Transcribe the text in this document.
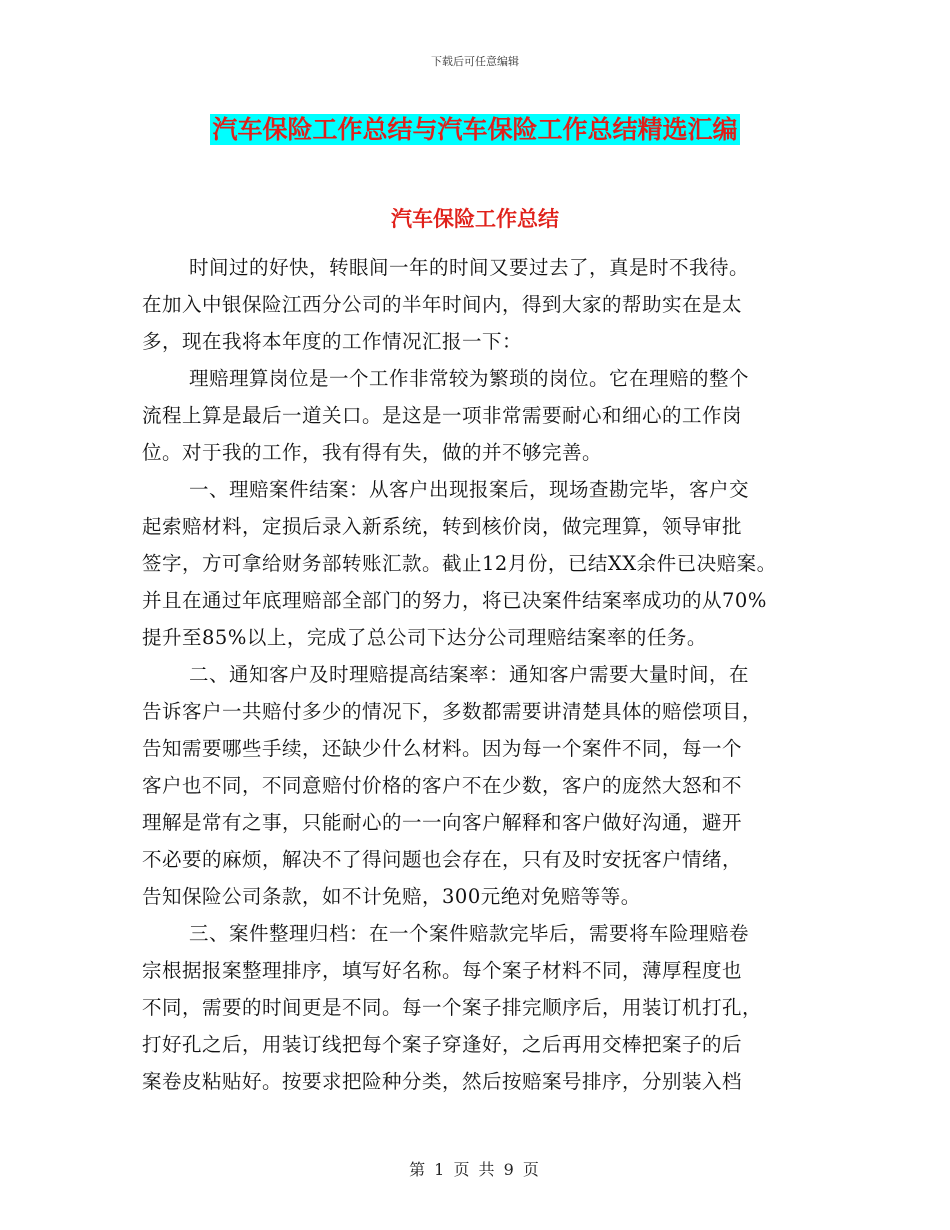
下载后可任意编辑
汽车保险工作总结与汽车保险工作总结精选汇编
汽车保险工作总结
时间过的好快，转眼间一年的时间又要过去了，真是时不我待。
在加入中银保险江西分公司的半年时间内，得到大家的帮助实在是太
多，现在我将本年度的工作情况汇报一下：
理赔理算岗位是一个工作非常较为繁琐的岗位。它在理赔的整个
流程上算是最后一道关口。是这是一项非常需要耐心和细心的工作岗
位。对于我的工作，我有得有失，做的并不够完善。
一、理赔案件结案：从客户出现报案后，现场查勘完毕，客户交
起索赔材料，定损后录入新系统，转到核价岗，做完理算，领导审批
签字，方可拿给财务部转账汇款。截止12月份，已结XX余件已决赔案。
并且在通过年底理赔部全部门的努力，将已决案件结案率成功的从70%
提升至85%以上，完成了总公司下达分公司理赔结案率的任务。
二、通知客户及时理赔提高结案率：通知客户需要大量时间，在
告诉客户一共赔付多少的情况下，多数都需要讲清楚具体的赔偿项目，
告知需要哪些手续，还缺少什么材料。因为每一个案件不同，每一个
客户也不同，不同意赔付价格的客户不在少数，客户的庞然大怒和不
理解是常有之事，只能耐心的一一向客户解释和客户做好沟通，避开
不必要的麻烦，解决不了得问题也会存在，只有及时安抚客户情绪，
告知保险公司条款，如不计免赔，300元绝对免赔等等。
三、案件整理归档：在一个案件赔款完毕后，需要将车险理赔卷
宗根据报案整理排序，填写好名称。每个案子材料不同，薄厚程度也
不同，需要的时间更是不同。每一个案子排完顺序后，用装订机打孔，
打好孔之后，用装订线把每个案子穿逢好，之后再用交棒把案子的后
案卷皮粘贴好。按要求把险种分类，然后按赔案号排序，分别装入档
第 1 页 共 9 页
